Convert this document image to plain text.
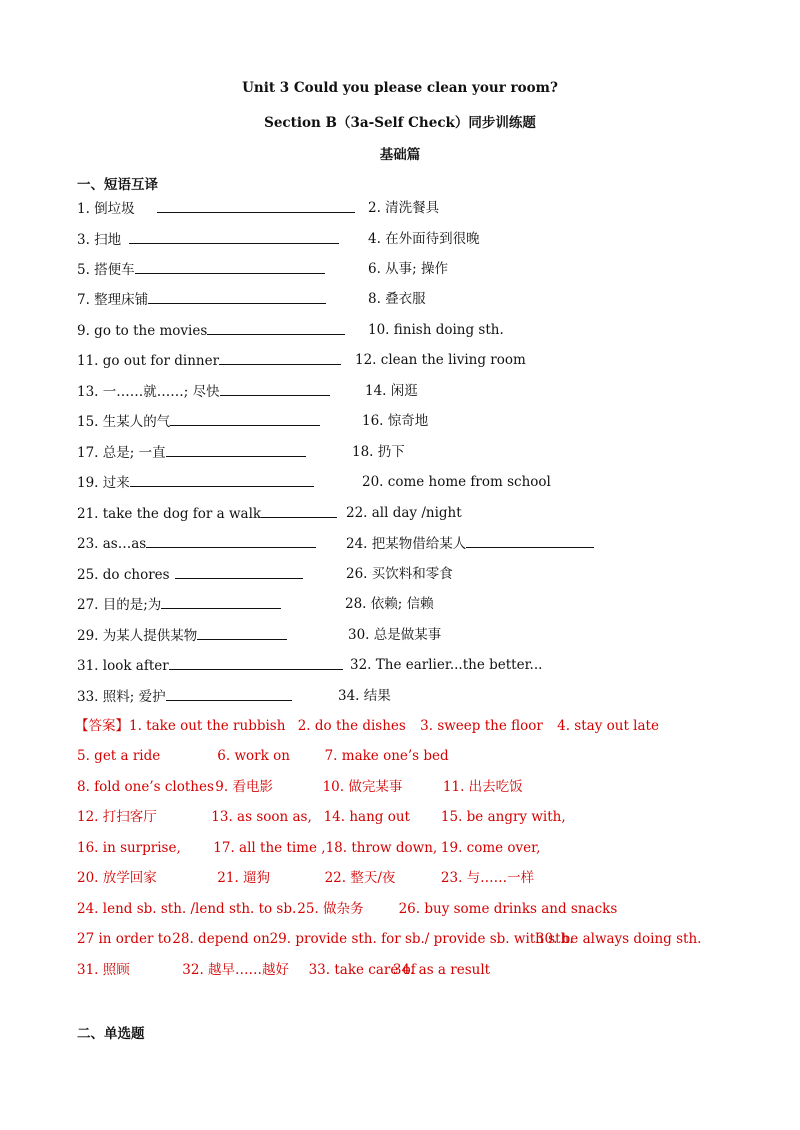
Unit 3 Could you please clean your room?
Section B（3a-Self Check）同步训练题
基础篇
一、短语互译
1. 倒垃圾	2. 清洗餐具
3. 扫地	4. 在外面待到很晚
5. 搭便车	6. 从事; 操作
7. 整理床铺	8. 叠衣服
9. go to the movies	10. finish doing sth.
11. go out for dinner	12. clean the living room
13. 一……就……; 尽快	14. 闲逛
15. 生某人的气	16. 惊奇地
17. 总是; 一直	18. 扔下
19. 过来	20. come home from school
21. take the dog for a walk	22. all day /night
23. as…as	24. 把某物借给某人
25. do chores	26. 买饮料和零食
27. 目的是;为	28. 依赖; 信赖
29. 为某人提供某物	30. 总是做某事
31. look after	32. The earlier...the better...
33. 照料; 爱护	34. 结果
【答案】1. take out the rubbish 2. do the dishes 3. sweep the floor 4. stay out late
5. get a ride	6. work on	7. make one’s bed
8. fold one’s clothes 9. 看电影	10. 做完某事	11. 出去吃饭
12. 打扫客厅	13. as soon as, 14. hang out 15. be angry with,
16. in surprise, 17. all the time , 18. throw down, 19. come over,
20. 放学回家	21. 遛狗	22. 整天/夜	23. 与……一样
24. lend sb. sth. /lend sth. to sb. 25. 做杂务	26. buy some drinks and snacks
27 in order to 28. depend on 29. provide sth. for sb./ provide sb. with sth. 30. be always doing sth.
31. 照顾	32. 越早……越好 33. take care of 34. as a result
二、单选题
